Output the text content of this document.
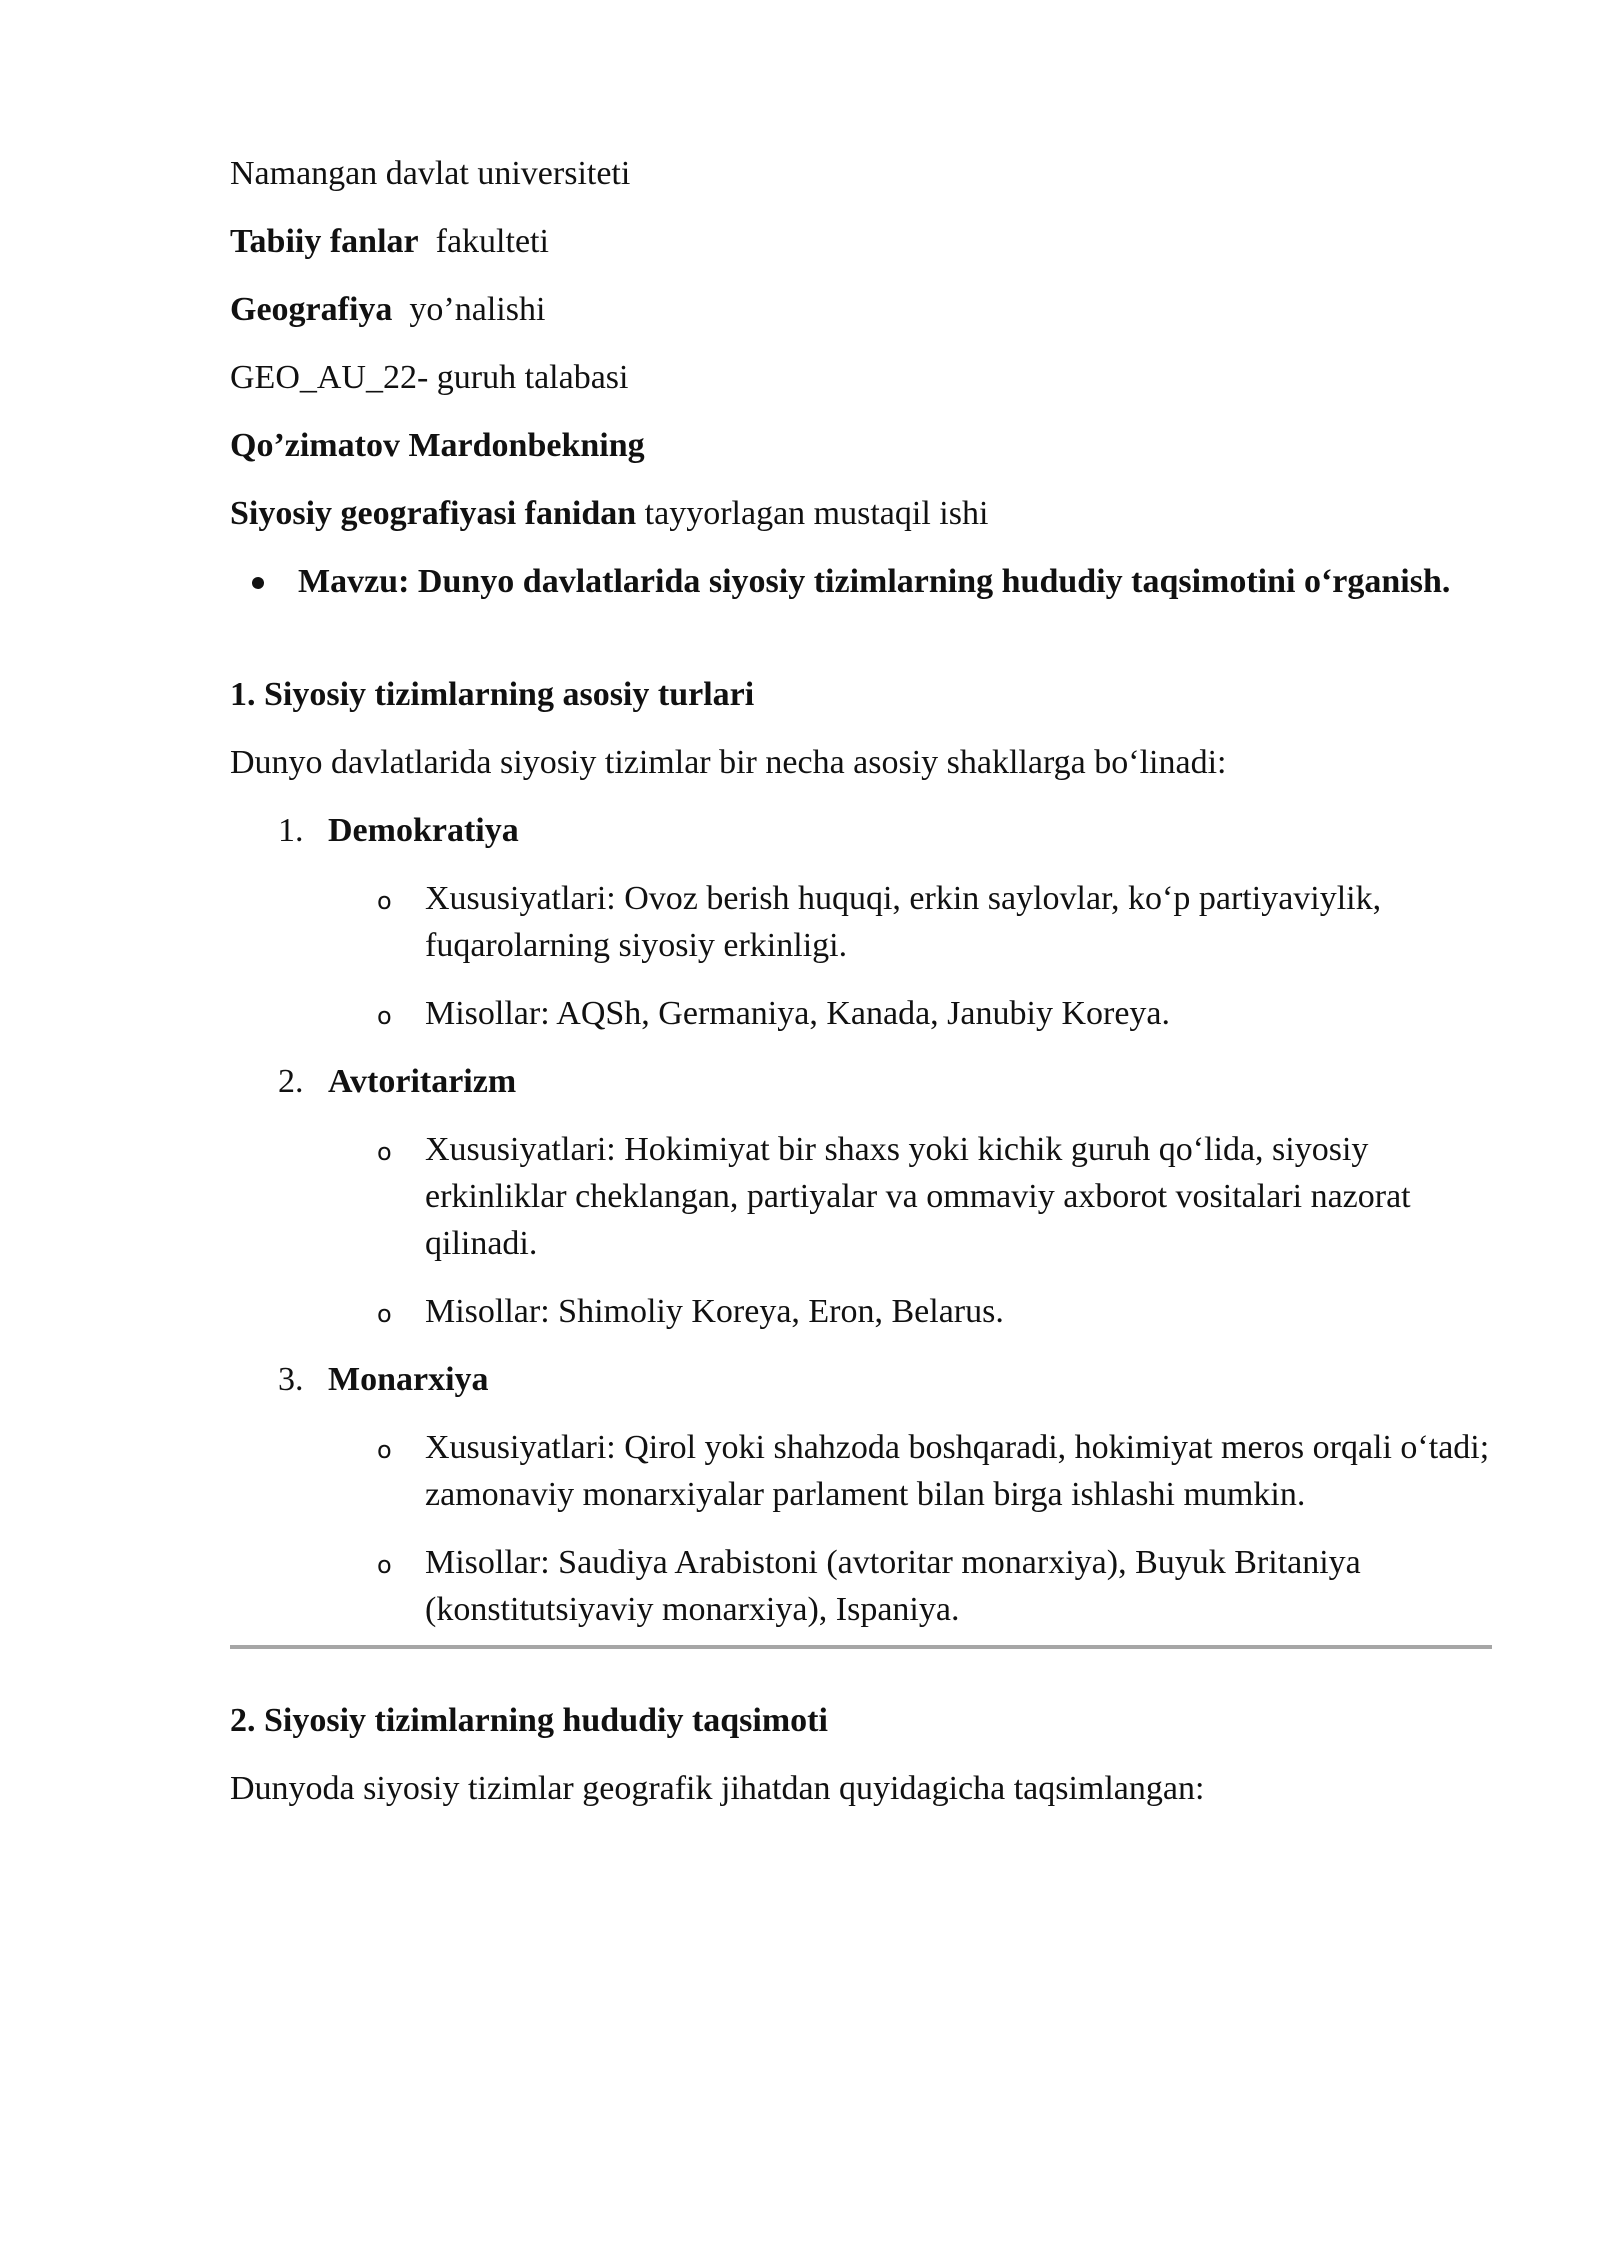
Namangan davlat universiteti
Tabiiy fanlar  fakulteti
Geografiya  yo’nalishi
GEO_AU_22- guruh talabasi
Qo’zimatov Mardonbekning
Siyosiy geografiyasi fanidan tayyorlagan mustaqil ishi
Mavzu: Dunyo davlatlarida siyosiy tizimlarning hududiy taqsimotini o‘rganish.
1. Siyosiy tizimlarning asosiy turlari
Dunyo davlatlarida siyosiy tizimlar bir necha asosiy shakllarga bo‘linadi:
1. Demokratiya
o Xususiyatlari: Ovoz berish huquqi, erkin saylovlar, ko‘p partiyaviylik, fuqarolarning siyosiy erkinligi.
o Misollar: AQSh, Germaniya, Kanada, Janubiy Koreya.
2. Avtoritarizm
o Xususiyatlari: Hokimiyat bir shaxs yoki kichik guruh qo‘lida, siyosiy erkinliklar cheklangan, partiyalar va ommaviy axborot vositalari nazorat qilinadi.
o Misollar: Shimoliy Koreya, Eron, Belarus.
3. Monarxiya
o Xususiyatlari: Qirol yoki shahzoda boshqaradi, hokimiyat meros orqali o‘tadi; zamonaviy monarxiyalar parlament bilan birga ishlashi mumkin.
o Misollar: Saudiya Arabistoni (avtoritar monarxiya), Buyuk Britaniya (konstitutsiyaviy monarxiya), Ispaniya.
2. Siyosiy tizimlarning hududiy taqsimoti
Dunyoda siyosiy tizimlar geografik jihatdan quyidagicha taqsimlangan:
